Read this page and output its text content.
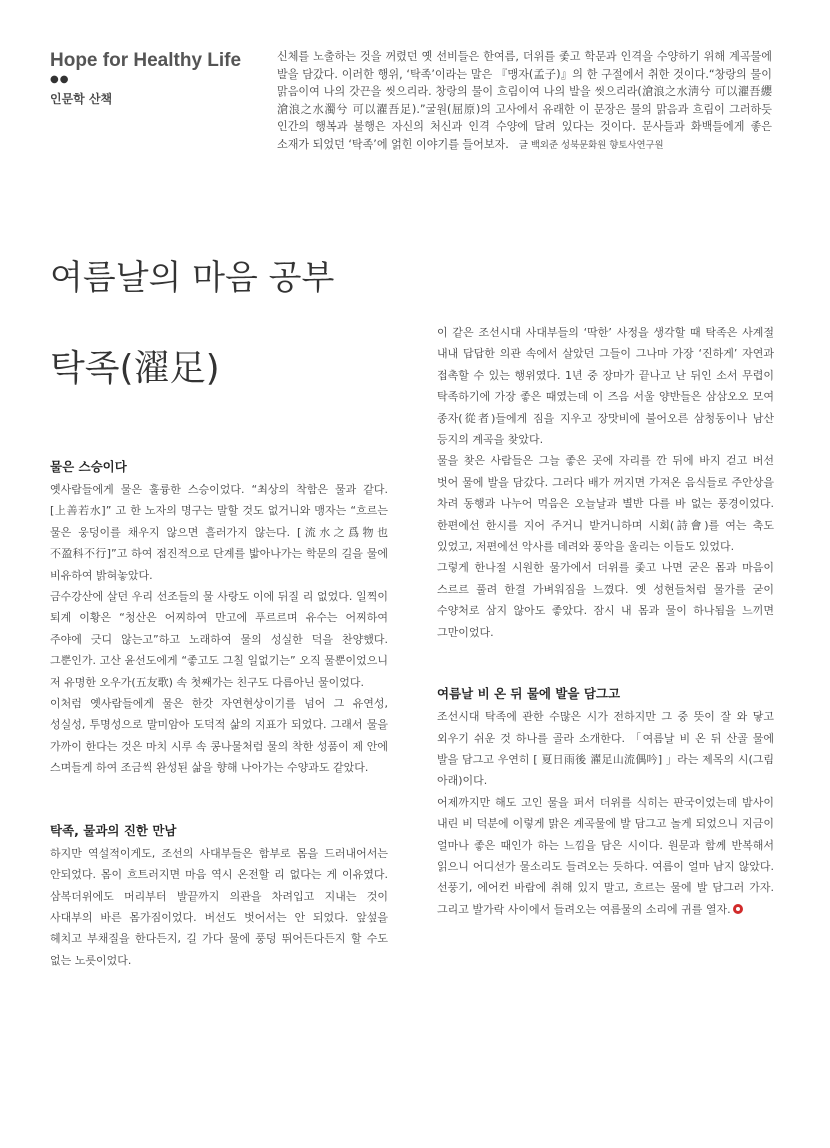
Hope for Healthy Life
●●
인문학 산책
신체를 노출하는 것을 꺼렸던 옛 선비들은 한여름, 더위를 좇고 학문과 인격을 수양하기 위해 계곡물에 발을 담갔다. 이러한 행위, ‘탁족’이라는 말은 『맹자(孟子)』의 한 구절에서 취한 것이다.“창랑의 물이 맑음이여 나의 갓끈을 씻으리라. 창랑의 물이 흐림이여 나의 발을 씻으리라(滄浪之水淸兮 可以濯吾纓 滄浪之水濁兮 可以濯吾足).”굴원(屈原)의 고사에서 유래한 이 문장은 물의 맑음과 흐림이 그러하듯 인간의 행복과 불행은 자신의 처신과 인격 수양에 달려 있다는 것이다. 문사들과 화백들에게 좋은 소재가 되었던 ‘탁족’에 얽힌 이야기를 들어보자. 글 백외준 성북문화원 향토사연구원
여름날의 마음 공부
탁족(濯足)
물은 스승이다

옛사람들에게 물은 훌륭한 스승이었다. “최상의 착함은 물과 같다. [上善若水]” 고 한 노자의 명구는 말할 것도 없거니와 맹자는 “흐르는 물은 웅덩이를 채우지 않으면 흘러가지 않는다. [流水之爲物也 不盈科不行]”고 하여 점진적으로 단계를 밟아나가는 학문의 길을 물에 비유하여 밝혀놓았다.

금수강산에 살던 우리 선조들의 물 사랑도 이에 뒤질 리 없었다. 일찍이 퇴계 이황은 “청산은 어찌하여 만고에 푸르르며 유수는 어찌하여 주야에 긋디 않는고”하고 노래하여 물의 성실한 덕을 찬양했다. 그뿐인가. 고산 윤선도에게 “좋고도 그칠 일없기는” 오직 물뿐이었으니 저 유명한 오우가(五友歌) 속 첫째가는 친구도 다름아닌 물이었다.

이처럼 옛사람들에게 물은 한갓 자연현상이기를 넘어 그 유연성, 성실성, 투명성으로 말미암아 도덕적 삶의 지표가 되었다. 그래서 물을 가까이 한다는 것은 마치 시루 속 콩나물처럼 물의 착한 성품이 제 안에 스며들게 하여 조금씩 완성된 삶을 향해 나아가는 수양과도 같았다.

탁족, 물과의 진한 만남

하지만 역설적이게도, 조선의 사대부들은 함부로 몸을 드러내어서는 안되었다. 몸이 흐트러지면 마음 역시 온전할 리 없다는 게 이유였다. 삼복더위에도 머리부터 발끝까지 의관을 차려입고 지내는 것이 사대부의 바른 몸가짐이었다. 버선도 벗어서는 안 되었다. 앞섶을 헤치고 부채질을 한다든지, 길 가다 물에 풍덩 뛰어든다든지 할 수도 없는 노릇이었다.

이 같은 조선시대 사대부들의 ‘딱한’ 사정을 생각할 때 탁족은 사계절 내내 답답한 의관 속에서 살았던 그들이 그나마 가장 ‘진하게’ 자연과 접촉할 수 있는 행위였다. 1년 중 장마가 끝나고 난 뒤인 소서 무렵이 탁족하기에 가장 좋은 때였는데 이 즈음 서울 양반들은 삼삼오오 모여 종자(從者)들에게 짐을 지우고 장맛비에 불어오른 삼청동이나 남산 등지의 계곡을 찾았다.

물을 찾은 사람들은 그늘 좋은 곳에 자리를 깐 뒤에 바지 걷고 버선 벗어 물에 발을 담갔다. 그러다 배가 꺼지면 가져온 음식들로 주안상을 차려 동행과 나누어 먹음은 오늘날과 별반 다를 바 없는 풍경이었다. 한편에선 한시를 지어 주거니 받거니하며 시회(詩會)를 여는 축도 있었고, 저편에선 악사를 데려와 풍악을 울리는 이들도 있었다.

그렇게 한나절 시원한 물가에서 더위를 좇고 나면 굳은 몸과 마음이 스르르 풀려 한결 가벼워짐을 느꼈다. 옛 성현들처럼 물가를 굳이 수양처로 삼지 않아도 좋았다. 잠시 내 몸과 물이 하나됨을 느끼면 그만이었다.

여름날 비 온 뒤 물에 발을 담그고

조선시대 탁족에 관한 수많은 시가 전하지만 그 중 뜻이 잘 와 닿고 외우기 쉬운 것 하나를 골라 소개한다. 「여름날 비 온 뒤 산골 물에 발을 담그고 우연히 [ 夏日雨後 濯足山流偶吟] 」라는 제목의 시(그림 아래)이다.

어제까지만 해도 고인 물을 퍼서 더위를 식히는 판국이었는데 밤사이 내린 비 덕분에 이렇게 맑은 계곡물에 발 담그고 놀게 되었으니 지금이 얼마나 좋은 때인가 하는 느낌을 담은 시이다. 원문과 함께 반복해서 읽으니 어디선가 물소리도 들려오는 듯하다. 여름이 얼마 남지 않았다. 선풍기, 에어컨 바람에 취해 있지 말고, 흐르는 물에 발 담그러 가자. 그리고 발가락 사이에서 들려오는 여름물의 소리에 귀를 열자.
